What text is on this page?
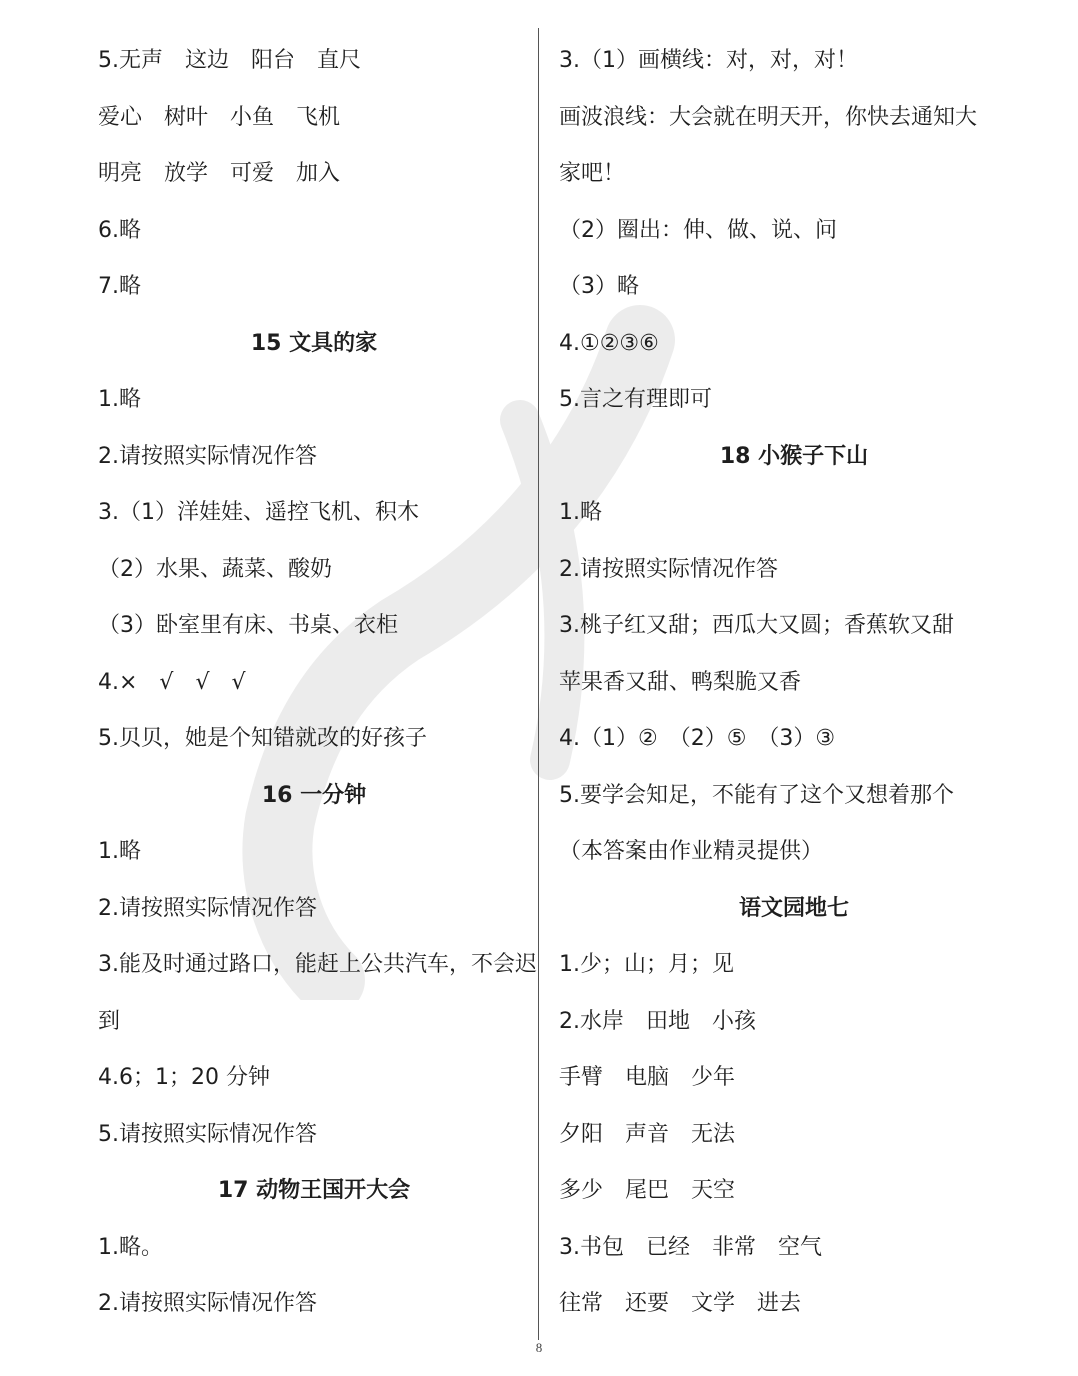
5.无声　这边　阳台　直尺
爱心　树叶　小鱼　飞机
明亮　放学　可爱　加入
6.略
7.略
15 文具的家
1.略
2.请按照实际情况作答
3.（1）洋娃娃、遥控飞机、积木
（2）水果、蔬菜、酸奶
（3）卧室里有床、书桌、衣柜
4.×　√　√　√
5.贝贝，她是个知错就改的好孩子
16 一分钟
1.略
2.请按照实际情况作答
3.能及时通过路口，能赶上公共汽车，不会迟
到
4.6；1；20 分钟
5.请按照实际情况作答
17 动物王国开大会
1.略。
2.请按照实际情况作答
3.（1）画横线：对，对，对！
画波浪线：大会就在明天开，你快去通知大
家吧！
（2）圈出：伸、做、说、问
（3）略
4.①②③⑥
5.言之有理即可
18 小猴子下山
1.略
2.请按照实际情况作答
3.桃子红又甜；西瓜大又圆；香蕉软又甜
苹果香又甜、鸭梨脆又香
4.（1）②　（2）⑤　（3）③
5.要学会知足，不能有了这个又想着那个
（本答案由作业精灵提供）
语文园地七
1.少；山；月；见
2.水岸　田地　小孩
手臂　电脑　少年
夕阳　声音　无法
多少　尾巴　天空
3.书包　已经　非常　空气
往常　还要　文学　进去
8
